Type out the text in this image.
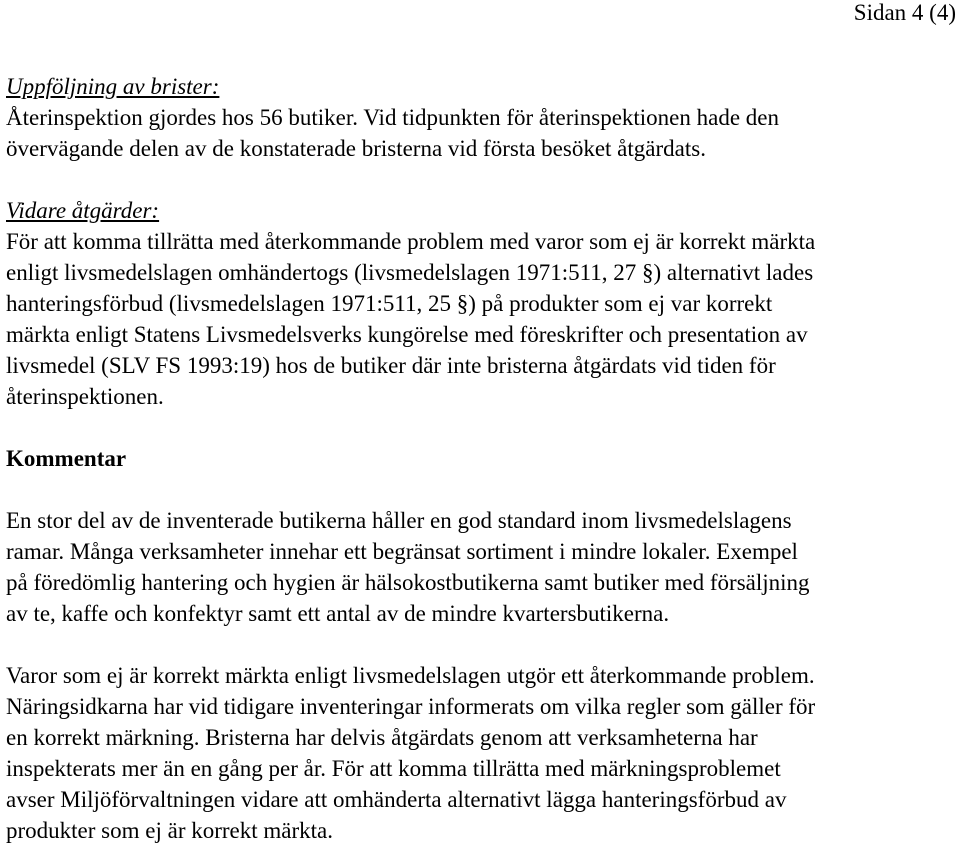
Sidan 4 (4)
Uppföljning av brister:
Återinspektion gjordes hos 56 butiker. Vid tidpunkten för återinspektionen hade den
övervägande delen av de konstaterade bristerna vid första besöket åtgärdats.
Vidare åtgärder:
För att komma tillrätta med återkommande problem med varor som ej är korrekt märkta
enligt livsmedelslagen omhändertogs (livsmedelslagen 1971:511, 27 §) alternativt lades
hanteringsförbud (livsmedelslagen 1971:511, 25 §) på produkter som ej var korrekt
märkta enligt Statens Livsmedelsverks kungörelse med föreskrifter och presentation av
livsmedel (SLV FS 1993:19) hos de butiker där inte bristerna åtgärdats vid tiden för
återinspektionen.
Kommentar
En stor del av de inventerade butikerna håller en god standard inom livsmedelslagens
ramar. Många verksamheter innehar ett begränsat sortiment i mindre lokaler. Exempel
på föredömlig hantering och hygien är hälsokostbutikerna samt butiker med försäljning
av te, kaffe och konfektyr samt ett antal av de mindre kvartersbutikerna.
Varor som ej är korrekt märkta enligt livsmedelslagen utgör ett återkommande problem.
Näringsidkarna har vid tidigare inventeringar informerats om vilka regler som gäller för
en korrekt märkning. Bristerna har delvis åtgärdats genom att verksamheterna har
inspekterats mer än en gång per år. För att komma tillrätta med märkningsproblemet
avser Miljöförvaltningen vidare att omhänderta alternativt lägga hanteringsförbud av
produkter som ej är korrekt märkta.
